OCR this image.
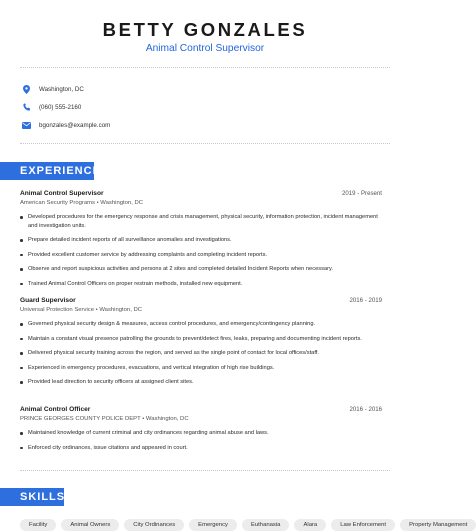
BETTY GONZALES
Animal Control Supervisor
Washington, DC
(060) 555-2160
bgonzales@example.com
EXPERIENCE
Animal Control Supervisor	2019 - Present
American Security Programs • Washington, DC
Developed procedures for the emergency response and crisis management, physical security, information protection, incident management and investigation units.
Prepare detailed incident reports of all surveillance anomalies and investigations.
Provided excellent customer service by addressing complaints and completing incident reports.
Observe and report suspicious activities and persons at 2 sites and completed detailed Incident Reports when necessary.
Trained Animal Control Officers on proper restrain methods, installed new equipment.
Guard Supervisor	2016 - 2019
Universal Protection Service • Washington, DC
Governed physical security design & measures, access control procedures, and emergency/contingency planning.
Maintain a constant visual presence patrolling the grounds to prevent/detect fires, leaks, preparing and documenting incident reports.
Delivered physical security training across the region, and served as the single point of contact for local offices/staff.
Experienced in emergency procedures, evacuations, and vertical integration of high rise buildings.
Provided lead direction to security officers at assigned client sites.
Animal Control Officer	2016 - 2016
PRINCE GEORGES COUNTY POLICE DEPT • Washington, DC
Maintained knowledge of current criminal and city ordinances regarding animal abuse and laws.
Enforced city ordinances, issue citations and appeared in court.
SKILLS
Facility	Animal Owners	City Ordinances	Emergency	Euthanasia	Alara	Law Enforcement	Property Management
